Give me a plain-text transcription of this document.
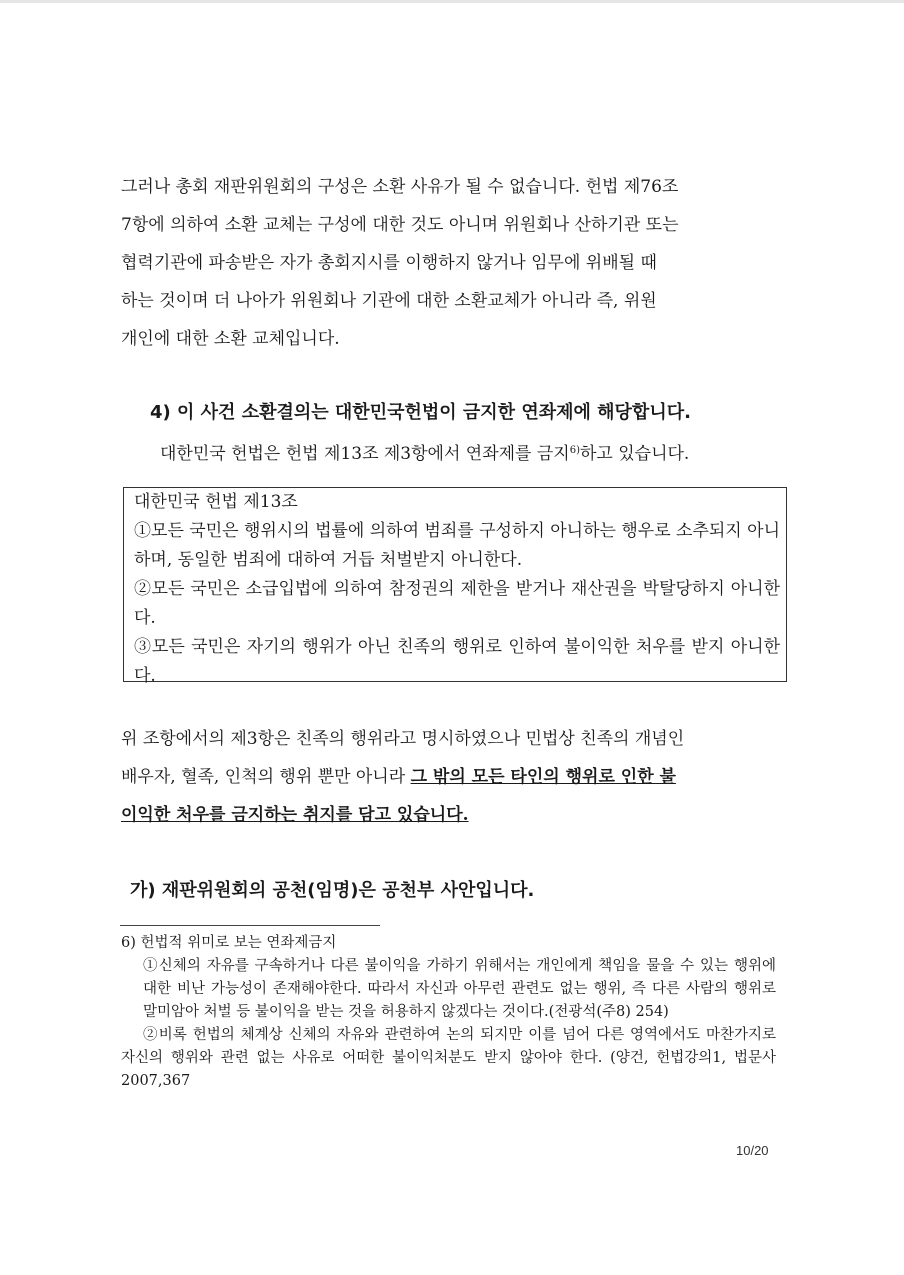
그러나 총회 재판위원회의 구성은 소환 사유가 될 수 없습니다. 헌법 제76조

7항에 의하여 소환 교체는 구성에 대한 것도 아니며 위원회나 산하기관 또는

협력기관에 파송받은 자가 총회지시를 이행하지 않거나 임무에 위배될 때

하는 것이며 더 나아가 위원회나 기관에 대한 소환교체가 아니라 즉, 위원

개인에 대한 소환 교체입니다.

4) 이 사건 소환결의는 대한민국헌법이 금지한 연좌제에 해당합니다.
대한민국 헌법은 헌법 제13조 제3항에서 연좌제를 금지$^{6)}$하고 있습니다.
대한민국 헌법 제13조
①모든 국민은 행위시의 법률에 의하여 범죄를 구성하지 아니하는 행우로 소추되지 아니하며, 동일한 범죄에 대하여 거듭 처벌받지 아니한다.
②모든 국민은 소급입법에 의하여 참정권의 제한을 받거나 재산권을 박탈당하지 아니한다.
③모든 국민은 자기의 행위가 아닌 친족의 행위로 인하여 불이익한 처우를 받지 아니한다.

위 조항에서의 제3항은 친족의 행위라고 명시하였으나 민법상 친족의 개념인

배우자, 혈족, 인척의 행위 뿐만 아니라 그 밖의 모든 타인의 행위로 인한 불

이익한 처우를 금지하는 취지를 담고 있습니다.

가) 재판위원회의 공천(임명)은 공천부 사안입니다.
6) 헌법적 위미로 보는 연좌제금지
①신체의 자유를 구속하거나 다른 불이익을 가하기 위해서는 개인에게 책임을 물을 수 있는 행위에 대한 비난 가능성이 존재해야한다. 따라서 자신과 아무런 관련도 없는 행위, 즉 다른 사람의 행위로 말미암아 처벌 등 불이익을 받는 것을 허용하지 않겠다는 것이다.(전광석(주8) 254)
②비록 헌법의 체계상 신체의 자유와 관련하여 논의 되지만 이를 넘어 다른 영역에서도 마찬가지로 자신의 행위와 관련 없는 사유로 어떠한 불이익처분도 받지 않아야 한다. (양건, 헌법강의1, 법문사 2007,367
10/20
